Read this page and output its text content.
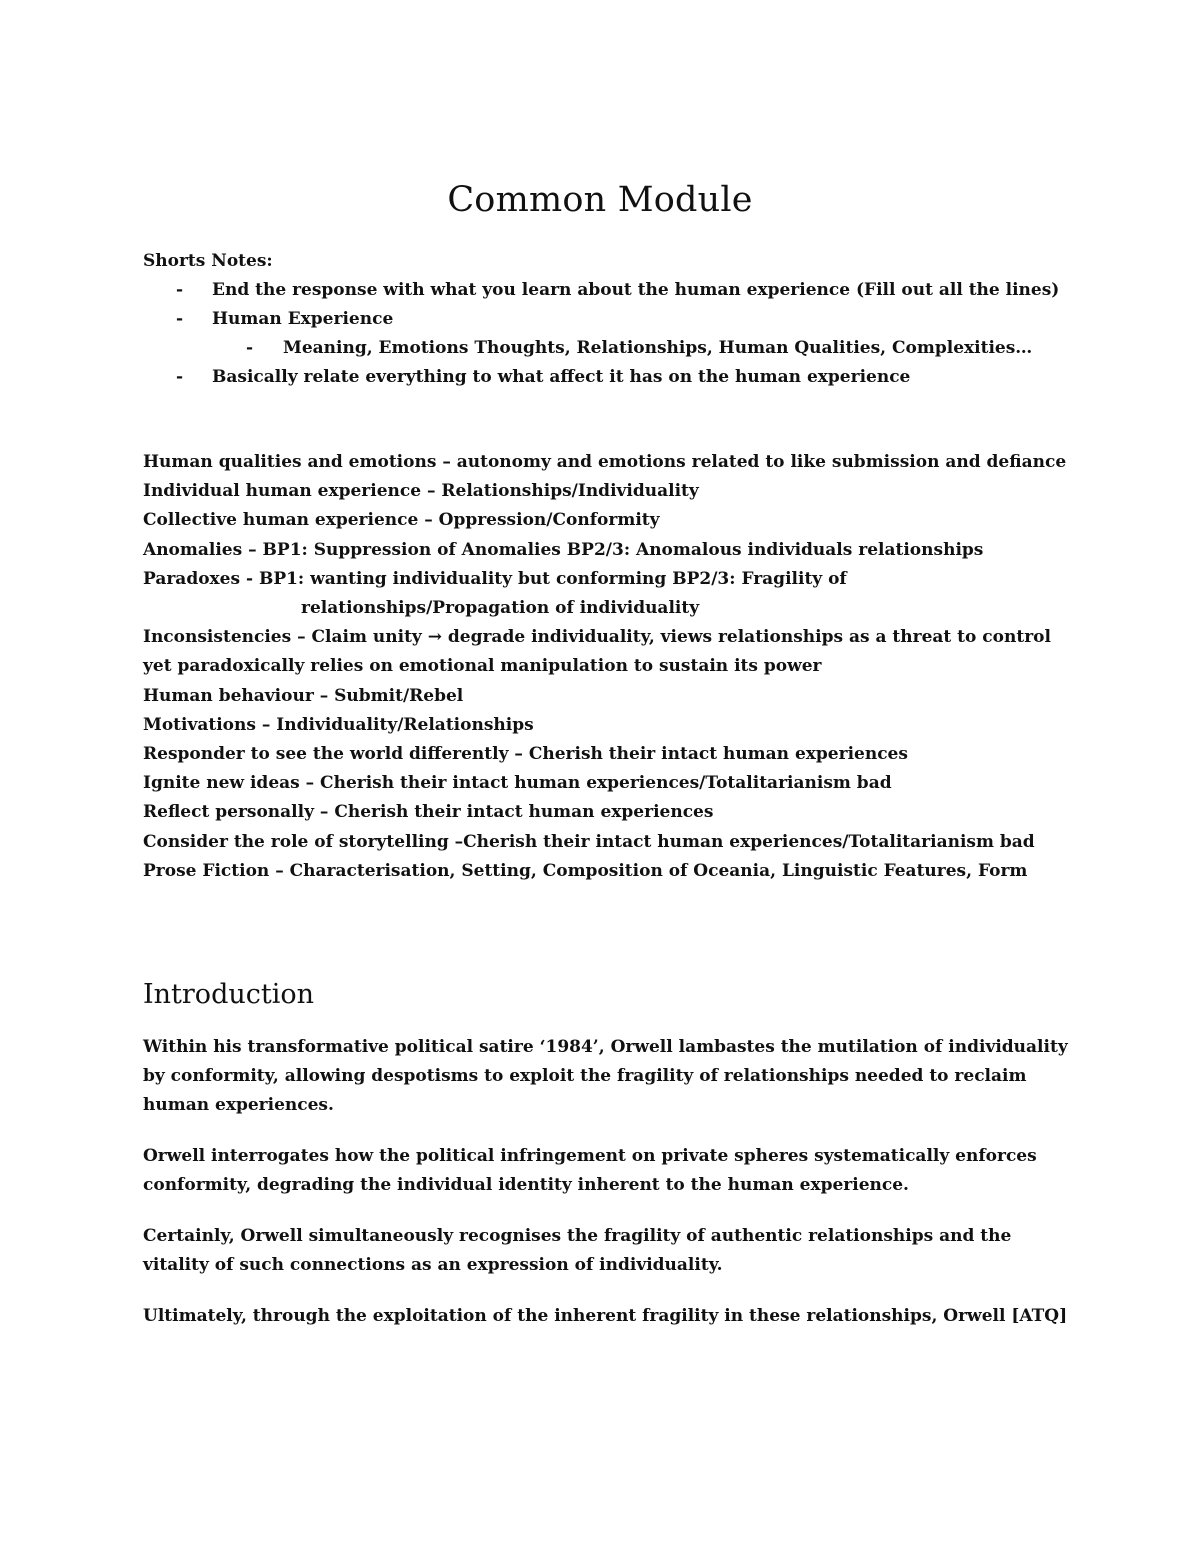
Common Module
Shorts Notes:
- End the response with what you learn about the human experience (Fill out all the lines)
- Human Experience
- Meaning, Emotions Thoughts, Relationships, Human Qualities, Complexities…
- Basically relate everything to what affect it has on the human experience

Human qualities and emotions – autonomy and emotions related to like submission and defiance

Individual human experience – Relationships/Individuality

Collective human experience – Oppression/Conformity

Anomalies – BP1: Suppression of Anomalies BP2/3: Anomalous individuals relationships

Paradoxes - BP1: wanting individuality but conforming BP2/3: Fragility of
relationships/Propagation of individuality

Inconsistencies – Claim unity → degrade individuality, views relationships as a threat to control yet paradoxically relies on emotional manipulation to sustain its power

Human behaviour – Submit/Rebel

Motivations – Individuality/Relationships

Responder to see the world differently – Cherish their intact human experiences

Ignite new ideas – Cherish their intact human experiences/Totalitarianism bad

Reflect personally – Cherish their intact human experiences

Consider the role of storytelling –Cherish their intact human experiences/Totalitarianism bad

Prose Fiction – Characterisation, Setting, Composition of Oceania, Linguistic Features, Form

Introduction

Within his transformative political satire ‘1984’, Orwell lambastes the mutilation of individuality by conformity, allowing despotisms to exploit the fragility of relationships needed to reclaim human experiences.

Orwell interrogates how the political infringement on private spheres systematically enforces conformity, degrading the individual identity inherent to the human experience.

Certainly, Orwell simultaneously recognises the fragility of authentic relationships and the vitality of such connections as an expression of individuality.

Ultimately, through the exploitation of the inherent fragility in these relationships, Orwell [ATQ]
